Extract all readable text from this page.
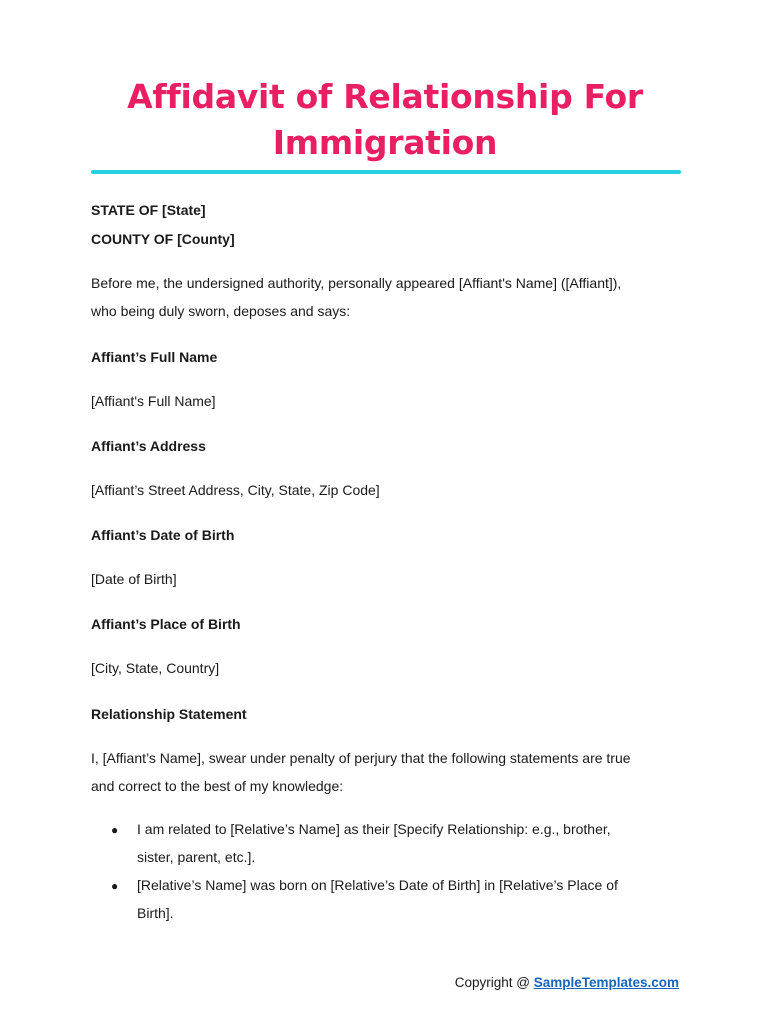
Affidavit of Relationship For
Immigration

STATE OF [State]

COUNTY OF [County]

Before me, the undersigned authority, personally appeared [Affiant's Name] ([Affiant]),

who being duly sworn, deposes and says:

Affiant’s Full Name

[Affiant's Full Name]

Affiant’s Address

[Affiant’s Street Address, City, State, Zip Code]

Affiant’s Date of Birth

[Date of Birth]

Affiant’s Place of Birth

[City, State, Country]

Relationship Statement

I, [Affiant’s Name], swear under penalty of perjury that the following statements are true

and correct to the best of my knowledge:

● I am related to [Relative’s Name] as their [Specify Relationship: e.g., brother,

sister, parent, etc.].

● [Relative’s Name] was born on [Relative’s Date of Birth] in [Relative’s Place of

Birth].

Copyright @ SampleTemplates.com
